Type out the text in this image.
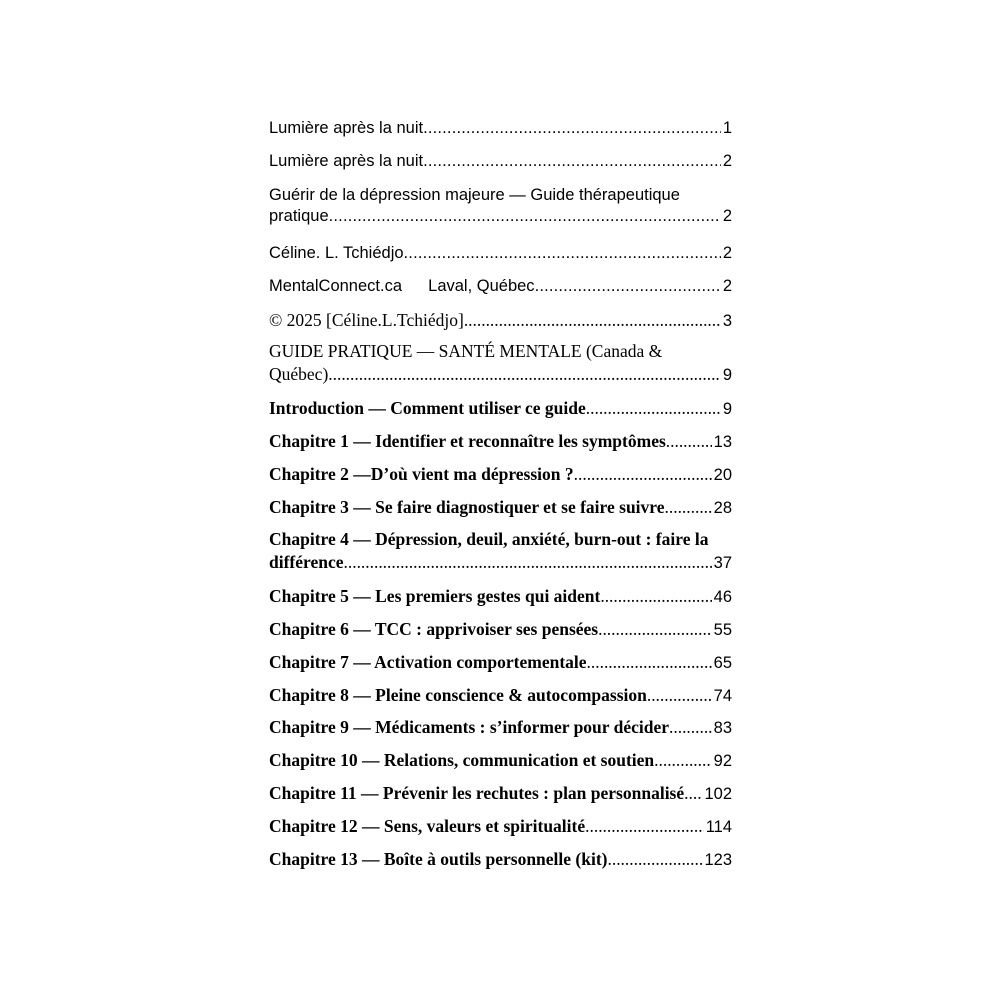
Lumière après la nuit . . .	1
Lumière après la nuit . . .	2
Guérir de la dépression majeure — Guide thérapeutique
pratique . . .	2
Céline. L. Tchiédjo . . .	2
MentalConnect.ca Laval, Québec . . .	2
© 2025 [Céline.L.Tchiédjo] . . .	3
GUIDE PRATIQUE — SANTÉ MENTALE (Canada &
Québec) . . .	9
Introduction — Comment utiliser ce guide . . .	9
Chapitre 1 — Identifier et reconnaître les symptômes . . .	13
Chapitre 2 —D’où vient ma dépression ? . . .	20
Chapitre 3 — Se faire diagnostiquer et se faire suivre . . .	28
Chapitre 4 — Dépression, deuil, anxiété, burn-out : faire la
différence . . .	37
Chapitre 5 — Les premiers gestes qui aident . . .	46
Chapitre 6 — TCC : apprivoiser ses pensées . . .	55
Chapitre 7 — Activation comportementale . . .	65
Chapitre 8 — Pleine conscience & autocompassion . . .	74
Chapitre 9 — Médicaments : s’informer pour décider . . .	83
Chapitre 10 — Relations, communication et soutien . . .	92
Chapitre 11 — Prévenir les rechutes : plan personnalisé . . . 102
Chapitre 12 — Sens, valeurs et spiritualité . . .	114
Chapitre 13 — Boîte à outils personnelle (kit) . . .	123
